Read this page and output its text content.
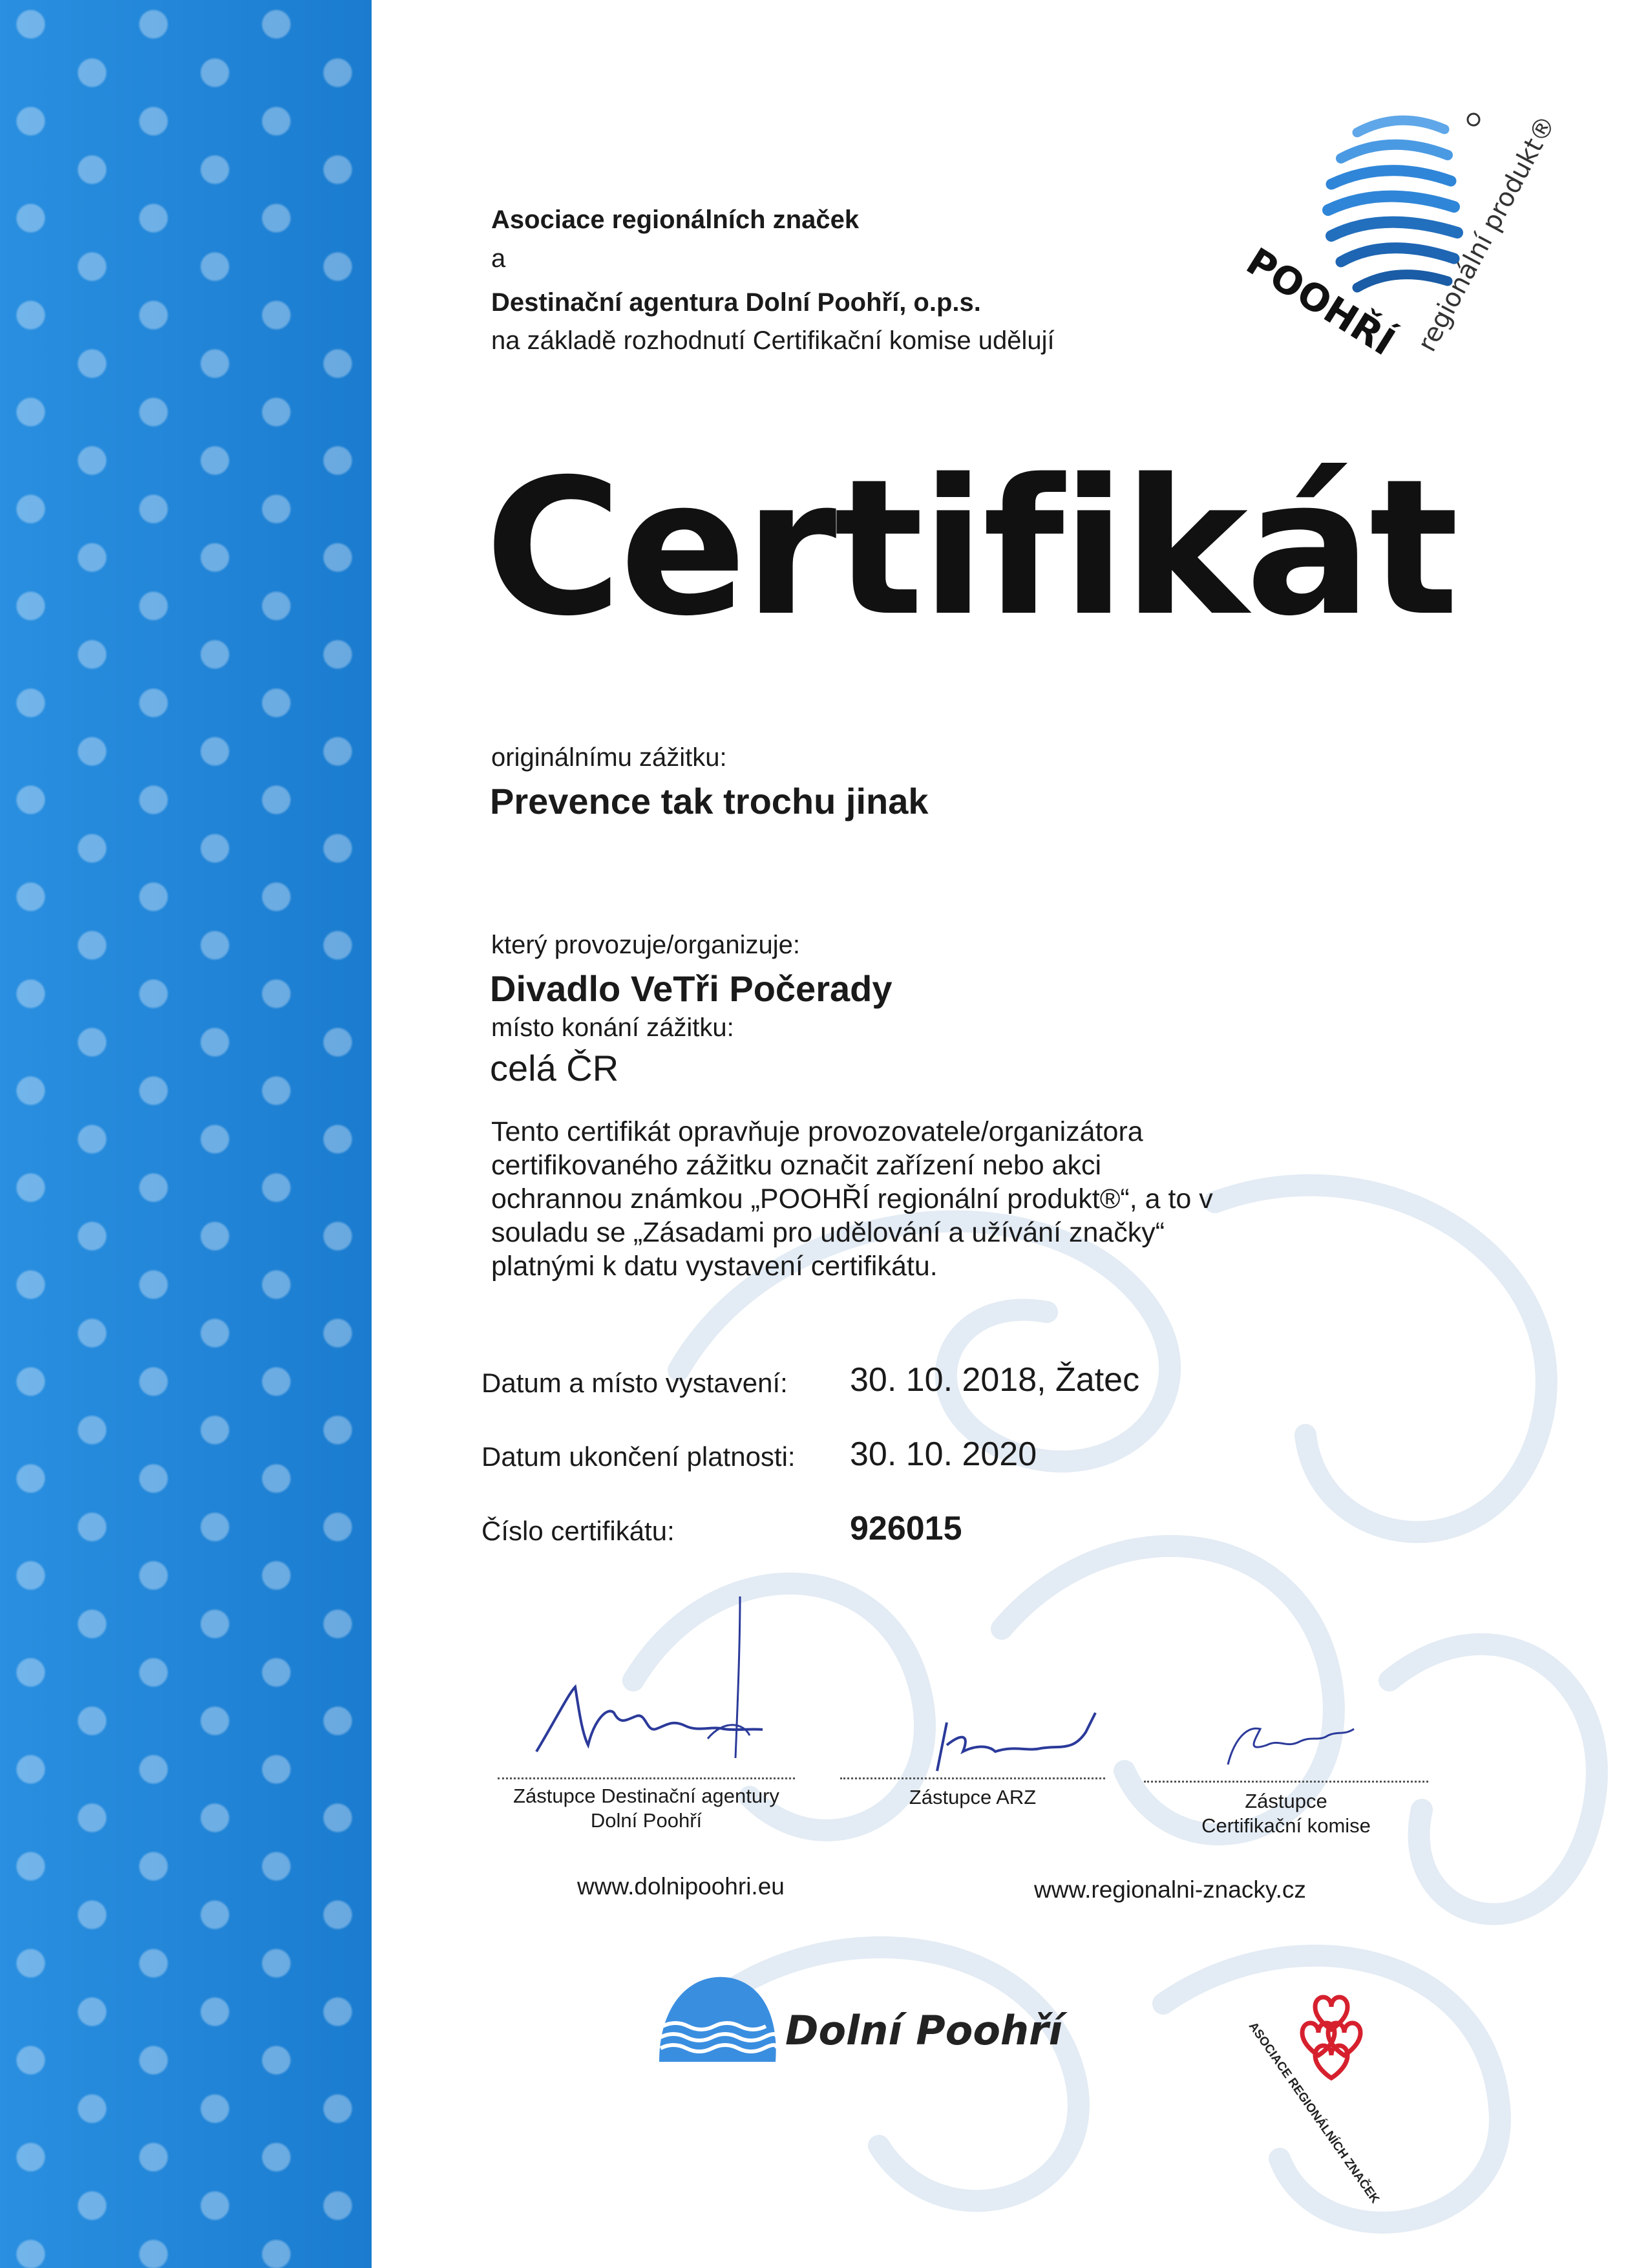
Asociace regionálních značek
a
Destinační agentura Dolní Poohří, o.p.s.
na základě rozhodnutí Certifikační komise udělují	POOHŘÍ regionální produkt®
Certifikát
originálnímu zážitku:
Prevence tak trochu jinak
který provozuje/organizuje:
Divadlo VeTři Počerady
místo konání zážitku:
celá ČR
Tento certifikát opravňuje provozovatele/organizátora certifikovaného zážitku označit zařízení nebo akci ochrannou známkou „POOHŘÍ regionální produkt®“, a to v souladu se „Zásadami pro udělování a užívání značky“ platnými k datu vystavení certifikátu.
Datum a místo vystavení: 30. 10. 2018, Žatec
Datum ukončení platnosti: 30. 10. 2020
Číslo certifikátu:	926015
Zástupce Destinační agentury
Dolní Poohří
Zástupce ARZ	Zástupce
Certifikační komise
www.dolnipoohri.eu	www.regionalni-znacky.cz
Dolní Poohří	ASOCIACE REGIONÁLNÍCH ZNAČEK
